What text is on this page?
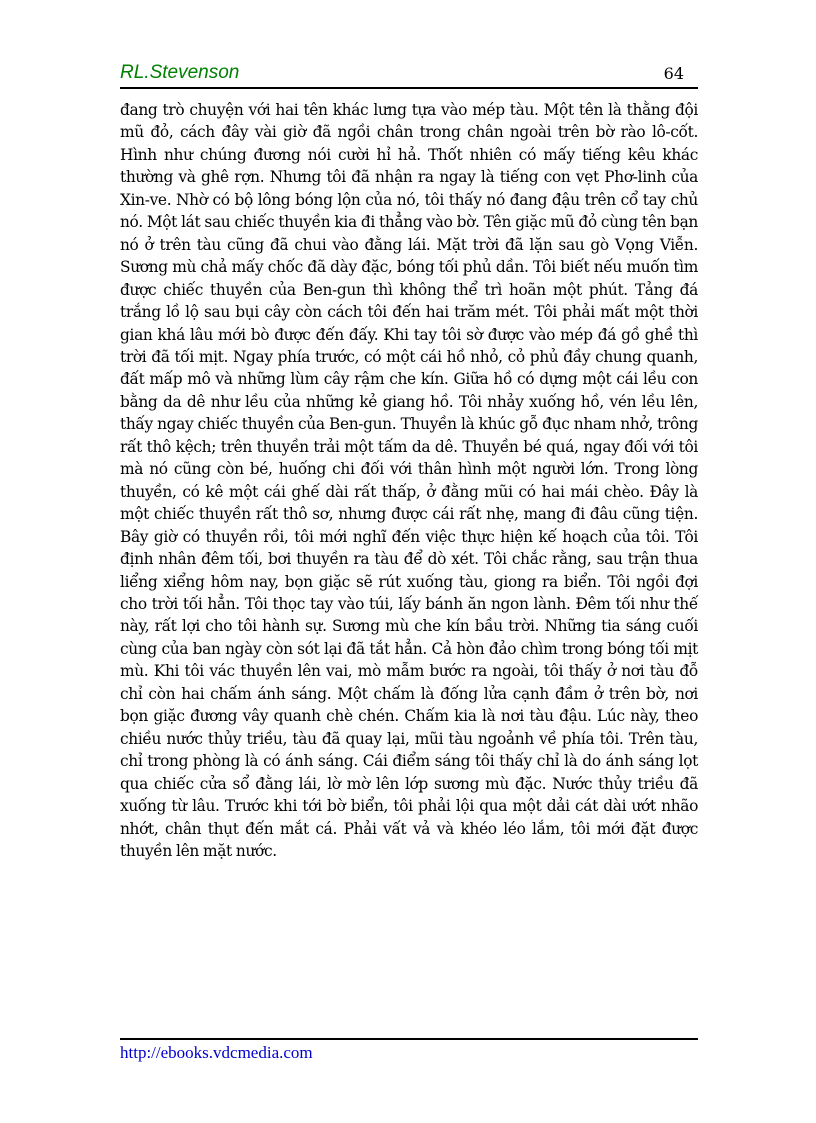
RL.Stevenson	64

đang trò chuyện với hai tên khác lưng tựa vào mép tàu. Một tên là thằng đội mũ đỏ, cách đây vài giờ đã ngồi chân trong chân ngoài trên bờ rào lô-cốt. Hình như chúng đương nói cười hỉ hả. Thốt nhiên có mấy tiếng kêu khác thường và ghê rợn. Nhưng tôi đã nhận ra ngay là tiếng con vẹt Phơ-linh của Xin-ve. Nhờ có bộ lông bóng lộn của nó, tôi thấy nó đang đậu trên cổ tay chủ nó. Một lát sau chiếc thuyền kia đi thẳng vào bờ. Tên giặc mũ đỏ cùng tên bạn nó ở trên tàu cũng đã chui vào đằng lái. Mặt trời đã lặn sau gò Vọng Viễn. Sương mù chả mấy chốc đã dày đặc, bóng tối phủ dần. Tôi biết nếu muốn tìm được chiếc thuyền của Ben-gun thì không thể trì hoãn một phút. Tảng đá trắng lồ lộ sau bụi cây còn cách tôi đến hai trăm mét. Tôi phải mất một thời gian khá lâu mới bò được đến đấy. Khi tay tôi sờ được vào mép đá gồ ghề thì trời đã tối mịt. Ngay phía trước, có một cái hồ nhỏ, cỏ phủ đầy chung quanh, đất mấp mô và những lùm cây rậm che kín. Giữa hồ có dựng một cái lều con bằng da dê như lều của những kẻ giang hồ. Tôi nhảy xuống hồ, vén lều lên, thấy ngay chiếc thuyền của Ben-gun. Thuyền là khúc gỗ đục nham nhở, trông rất thô kệch; trên thuyền trải một tấm da dê. Thuyền bé quá, ngay đối với tôi mà nó cũng còn bé, huống chi đối với thân hình một người lớn. Trong lòng thuyền, có kê một cái ghế dài rất thấp, ở đằng mũi có hai mái chèo. Đây là một chiếc thuyền rất thô sơ, nhưng được cái rất nhẹ, mang đi đâu cũng tiện. Bây giờ có thuyền rồi, tôi mới nghĩ đến việc thực hiện kế hoạch của tôi. Tôi định nhân đêm tối, bơi thuyền ra tàu để dò xét. Tôi chắc rằng, sau trận thua liểng xiểng hôm nay, bọn giặc sẽ rút xuống tàu, giong ra biển. Tôi ngồi đợi cho trời tối hẳn. Tôi thọc tay vào túi, lấy bánh ăn ngon lành. Đêm tối như thế này, rất lợi cho tôi hành sự. Sương mù che kín bầu trời. Những tia sáng cuối cùng của ban ngày còn sót lại đã tắt hẳn. Cả hòn đảo chìm trong bóng tối mịt mù. Khi tôi vác thuyền lên vai, mò mẫm bước ra ngoài, tôi thấy ở nơi tàu đỗ chỉ còn hai chấm ánh sáng. Một chấm là đống lửa cạnh đầm ở trên bờ, nơi bọn giặc đương vây quanh chè chén. Chấm kia là nơi tàu đậu. Lúc này, theo chiều nước thủy triều, tàu đã quay lại, mũi tàu ngoảnh về phía tôi. Trên tàu, chỉ trong phòng là có ánh sáng. Cái điểm sáng tôi thấy chỉ là do ánh sáng lọt qua chiếc cửa sổ đằng lái, lờ mờ lên lớp sương mù đặc. Nước thủy triều đã xuống từ lâu. Trước khi tới bờ biển, tôi phải lội qua một dải cát dài ướt nhão nhớt, chân thụt đến mắt cá. Phải vất vả và khéo léo lắm, tôi mới đặt được thuyền lên mặt nước.

http://ebooks.vdcmedia.com
